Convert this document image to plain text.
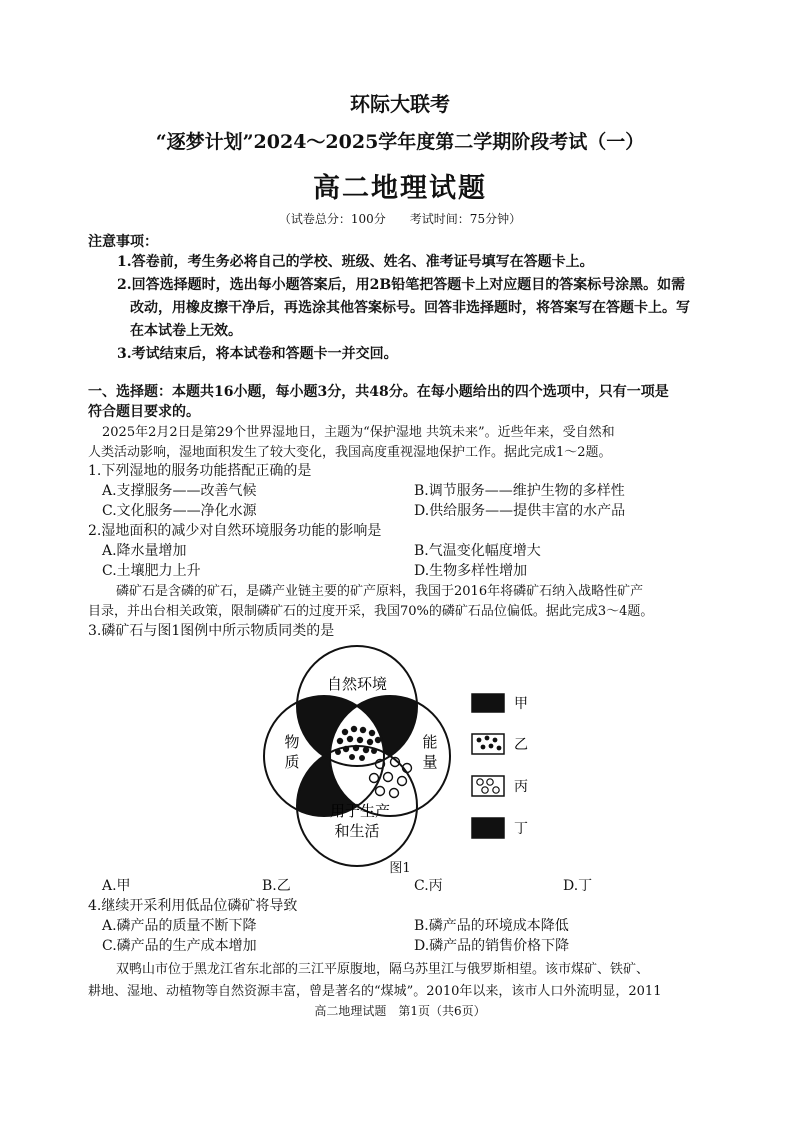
环际大联考
“逐梦计划”2024～2025学年度第二学期阶段考试（一）
高二地理试题
（试卷总分：100分　　考试时间：75分钟）
注意事项：
1.答卷前，考生务必将自己的学校、班级、姓名、准考证号填写在答题卡上。
2.回答选择题时，选出每小题答案后，用2B铅笔把答题卡上对应题目的答案标号涂黑。如需
改动，用橡皮擦干净后，再选涂其他答案标号。回答非选择题时，将答案写在答题卡上。写
在本试卷上无效。
3.考试结束后，将本试卷和答题卡一并交回。
一、选择题：本题共16小题，每小题3分，共48分。在每小题给出的四个选项中，只有一项是
符合题目要求的。
2025年2月2日是第29个世界湿地日，主题为“保护湿地 共筑未来”。近些年来，受自然和
人类活动影响，湿地面积发生了较大变化，我国高度重视湿地保护工作。据此完成1～2题。
1.下列湿地的服务功能搭配正确的是
A.支撑服务——改善气候	B.调节服务——维护生物的多样性
C.文化服务——净化水源	D.供给服务——提供丰富的水产品
2.湿地面积的减少对自然环境服务功能的影响是
A.降水量增加	B.气温变化幅度增大
C.土壤肥力上升	D.生物多样性增加
磷矿石是含磷的矿石，是磷产业链主要的矿产原料，我国于2016年将磷矿石纳入战略性矿产
目录，并出台相关政策，限制磷矿石的过度开采，我国70%的磷矿石品位偏低。据此完成3～4题。
3.磷矿石与图1图例中所示物质同类的是
自然环境
物
质
能
量
用于生产
和生活
甲
乙
丙
丁
图1
A.甲	B.乙	C.丙	D.丁
4.继续开采利用低品位磷矿将导致
A.磷产品的质量不断下降	B.磷产品的环境成本降低
C.磷产品的生产成本增加	D.磷产品的销售价格下降
双鸭山市位于黑龙江省东北部的三江平原腹地，隔乌苏里江与俄罗斯相望。该市煤矿、铁矿、
耕地、湿地、动植物等自然资源丰富，曾是著名的“煤城”。2010年以来，该市人口外流明显，2011
高二地理试题　第1页（共6页）
